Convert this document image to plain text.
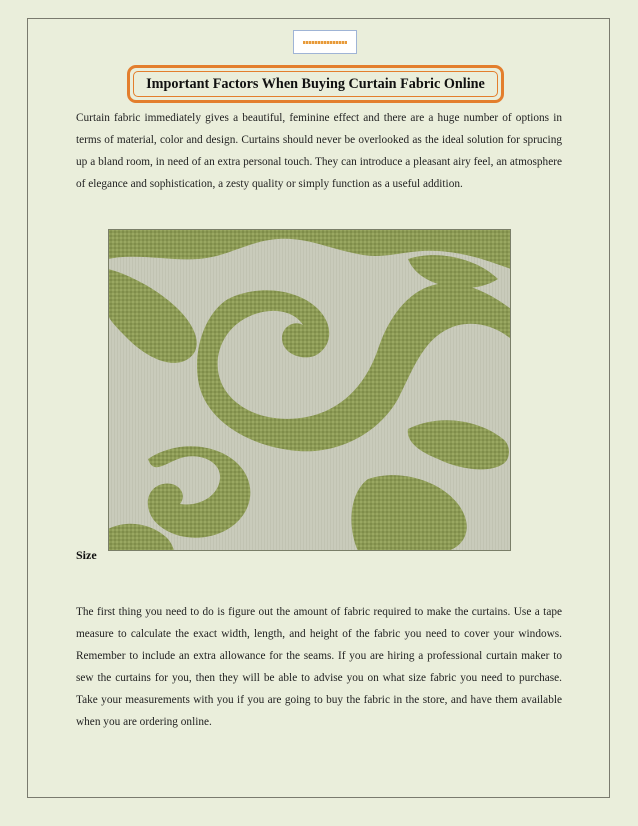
Important Factors When Buying Curtain Fabric Online

Curtain fabric immediately gives a beautiful, feminine effect and there are a huge number of options in terms of material, color and design. Curtains should never be overlooked as the ideal solution for sprucing up a bland room, in need of an extra personal touch. They can introduce a pleasant airy feel, an atmosphere of elegance and sophistication, a zesty quality or simply function as a useful addition.

Size

The first thing you need to do is figure out the amount of fabric required to make the curtains. Use a tape measure to calculate the exact width, length, and height of the fabric you need to cover your windows. Remember to include an extra allowance for the seams. If you are hiring a professional curtain maker to sew the curtains for you, then they will be able to advise you on what size fabric you need to purchase. Take your measurements with you if you are going to buy the fabric in the store, and have them available when you are ordering online.
